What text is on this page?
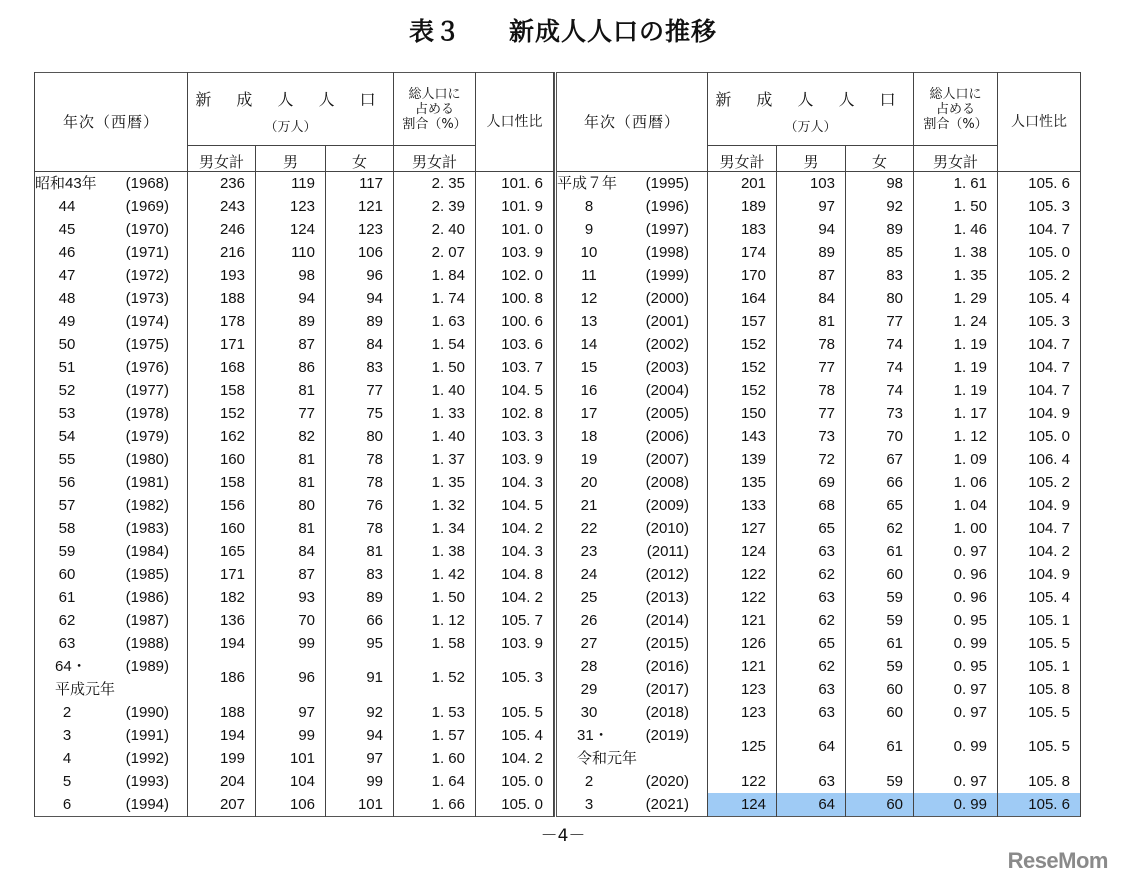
表３ 新成人人口の推移
年次（西暦）	
新 成 人 人 口
（万人）

総人口に
占める
割合（%）	人口性比
	男女計	男	女	男女計	

昭和43年 (1968)	236	119	117	2. 35	101. 6

44 (1969)	243	123	121	2. 39	101. 9

45 (1970)	246	124	123	2. 40	101. 0

46 (1971)	216	110	106	2. 07	103. 9

47 (1972)	193	98	96	1. 84	102. 0

48 (1973)	188	94	94	1. 74	100. 8

49 (1974)	178	89	89	1. 63	100. 6

50 (1975)	171	87	84	1. 54	103. 6

51 (1976)	168	86	83	1. 50	103. 7

52 (1977)	158	81	77	1. 40	104. 5

53 (1978)	152	77	75	1. 33	102. 8

54 (1979)	162	82	80	1. 40	103. 3

55 (1980)	160	81	78	1. 37	103. 9

56 (1981)	158	81	78	1. 35	104. 3

57 (1982)	156	80	76	1. 32	104. 5

58 (1983)	160	81	78	1. 34	104. 2

59 (1984)	165	84	81	1. 38	104. 3

60 (1985)	171	87	83	1. 42	104. 8

61 (1986)	182	93	89	1. 50	104. 2

62 (1987)	136	70	66	1. 12	105. 7

63 (1988)	194	99	95	1. 58	103. 9

64・
平成元年
(1989)	186	96	91	1. 52	105. 3

2 (1990)	188	97	92	1. 53	105. 5

3 (1991)	194	99	94	1. 57	105. 4

4 (1992)	199	101	97	1. 60	104. 2

5 (1993)	204	104	99	1. 64	105. 0

6 (1994)	207	106	101	1. 66	105. 0
年次（西暦）	
新 成 人 人 口
（万人）

総人口に
占める
割合（%）	人口性比
	男女計	男	女	男女計	

平成７年 (1995)	201	103	98	1. 61	105. 6

8 (1996)	189	97	92	1. 50	105. 3

9 (1997)	183	94	89	1. 46	104. 7

10 (1998)	174	89	85	1. 38	105. 0

11 (1999)	170	87	83	1. 35	105. 2

12 (2000)	164	84	80	1. 29	105. 4

13 (2001)	157	81	77	1. 24	105. 3

14 (2002)	152	78	74	1. 19	104. 7

15 (2003)	152	77	74	1. 19	104. 7

16 (2004)	152	78	74	1. 19	104. 7

17 (2005)	150	77	73	1. 17	104. 9

18 (2006)	143	73	70	1. 12	105. 0

19 (2007)	139	72	67	1. 09	106. 4

20 (2008)	135	69	66	1. 06	105. 2

21 (2009)	133	68	65	1. 04	104. 9

22 (2010)	127	65	62	1. 00	104. 7

23 (2011)	124	63	61	0. 97	104. 2

24 (2012)	122	62	60	0. 96	104. 9

25 (2013)	122	63	59	0. 96	105. 4

26 (2014)	121	62	59	0. 95	105. 1

27 (2015)	126	65	61	0. 99	105. 5

28 (2016)	121	62	59	0. 95	105. 1

29 (2017)	123	63	60	0. 97	105. 8

30 (2018)	123	63	60	0. 97	105. 5

31・
令和元年
(2019)	125	64	61	0. 99	105. 5

2 (2020)	122	63	59	0. 97	105. 8

3 (2021)	124	64	60	0. 99	105. 6
－4－
ReseMom
